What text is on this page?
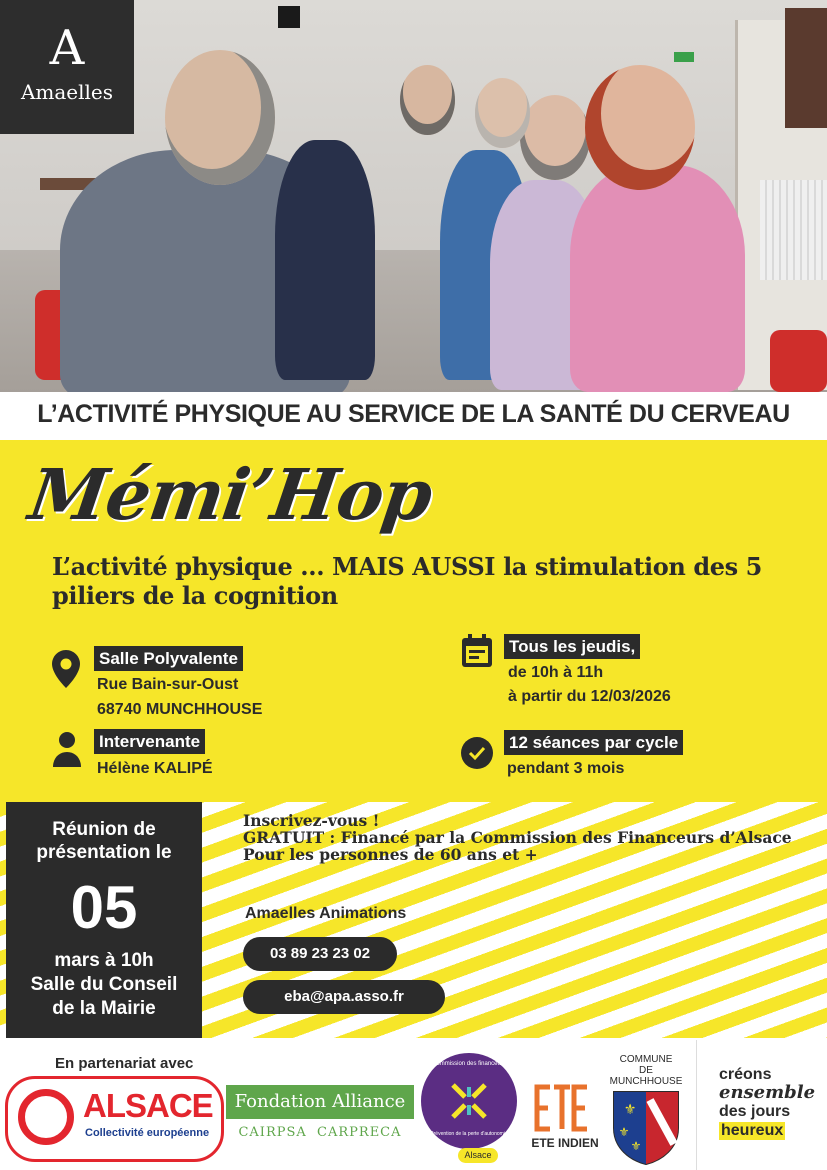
A
Amaelles
L’ACTIVITÉ PHYSIQUE AU SERVICE DE LA SANTÉ DU CERVEAU
Mémi’Hop
L’activité physique ... MAIS AUSSI la stimulation des 5 piliers de la cognition
Salle Polyvalente
Rue Bain-sur-Oust
68740 MUNCHHOUSE
Intervenante
Hélène KALIPÉ
Tous les jeudis,
de 10h à 11h
à partir du 12/03/2026
12 séances par cycle
pendant 3 mois
Réunion de
présentation le
05
mars à 10h
Salle du Conseil
de la Mairie
Inscrivez-vous !
GRATUIT : Financé par la Commission des Financeurs d’Alsace
Pour les personnes de 60 ans et +
Amaelles Animations
03 89 23 23 02
eba@apa.asso.fr
En partenariat avec
ALSACE
Collectivité européenne
Fondation Alliance
CAIRPSA  CARPRECA
Commission des financeurs
Prévention de la perte d'autonomie
Alsace
ETE INDIEN
COMMUNE
DE
MUNCHHOUSE
⚜
⚜
⚜
créons
ensemble
des jours
heureux
